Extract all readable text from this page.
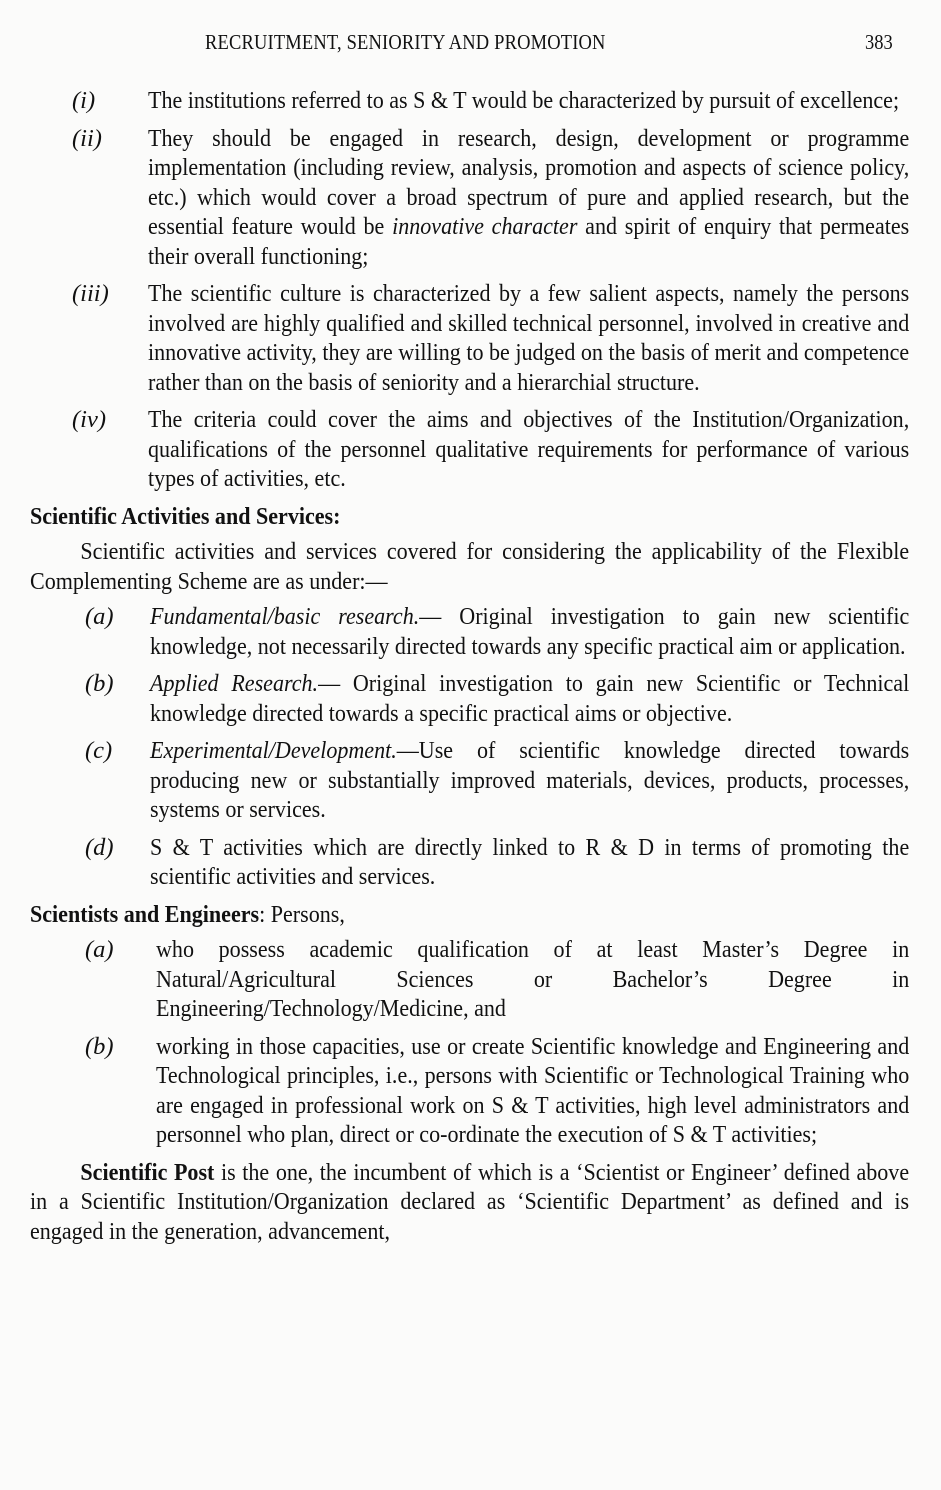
RECRUITMENT, SENIORITY AND PROMOTION	383
(i) The institutions referred to as S & T would be characterized by pursuit of excellence;
(ii) They should be engaged in research, design, development or programme implementation (including review, analysis, promotion and aspects of science policy, etc.) which would cover a broad spectrum of pure and applied research, but the essential feature would be innovative character and spirit of enquiry that permeates their overall functioning;
(iii) The scientific culture is characterized by a few salient aspects, namely the persons involved are highly qualified and skilled technical personnel, involved in creative and innovative activity, they are willing to be judged on the basis of merit and competence rather than on the basis of seniority and a hierarchial structure.
(iv) The criteria could cover the aims and objectives of the Institution/Organization, qualifications of the personnel qualitative requirements for performance of various types of activities, etc.
Scientific Activities and Services:
Scientific activities and services covered for considering the applicability of the Flexible Complementing Scheme are as under:—
(a) Fundamental/basic research.— Original investigation to gain new scientific knowledge, not necessarily directed towards any specific practical aim or application.
(b) Applied Research.— Original investigation to gain new Scientific or Technical knowledge directed towards a specific practical aims or objective.
(c) Experimental/Development.—Use of scientific knowledge directed towards producing new or substantially improved materials, devices, products, processes, systems or services.
(d) S & T activities which are directly linked to R & D in terms of promoting the scientific activities and services.
Scientists and Engineers: Persons,
(a) who possess academic qualification of at least Master’s Degree in Natural/Agricultural Sciences or Bachelor’s Degree in Engineering/Technology/Medicine, and
(b) working in those capacities, use or create Scientific knowledge and Engineering and Technological principles, i.e., persons with Scientific or Technological Training who are engaged in professional work on S & T activities, high level administrators and personnel who plan, direct or co-ordinate the execution of S & T activities;
Scientific Post is the one, the incumbent of which is a ‘Scientist or Engineer’ defined above in a Scientific Institution/Organization declared as ‘Scientific Department’ as defined and is engaged in the generation, advancement,
